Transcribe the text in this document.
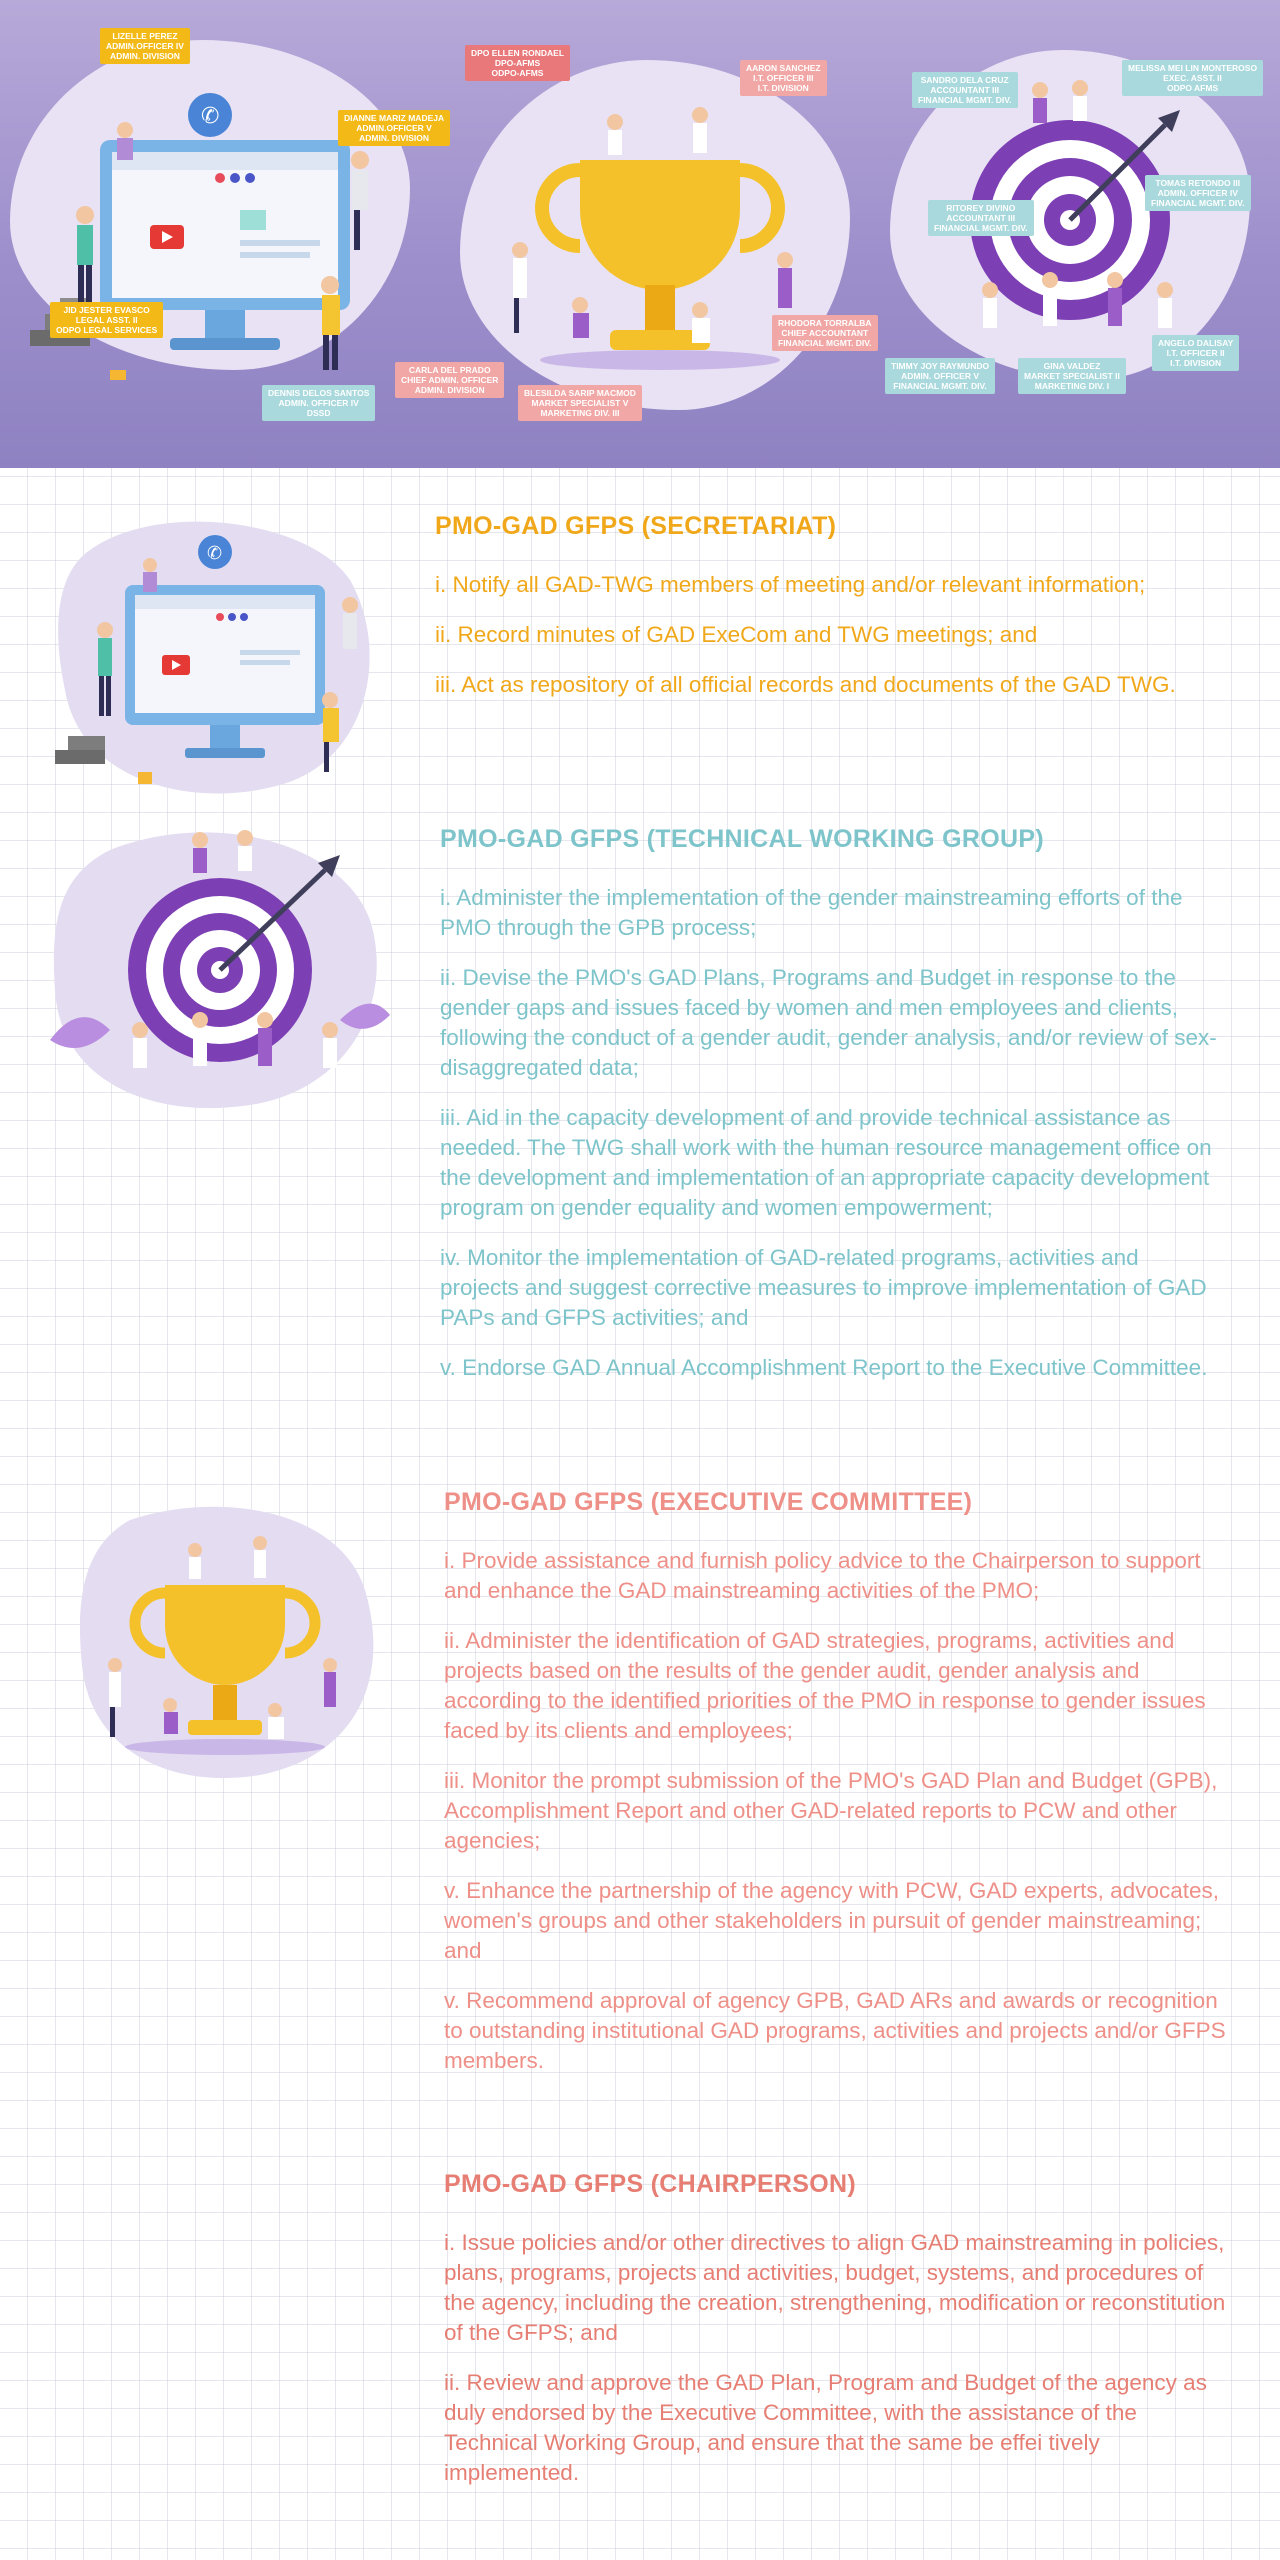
✆
LIZELLE PEREZ
ADMIN.OFFICER IV
ADMIN. DIVISION
DIANNE MARIZ MADEJA
ADMIN.OFFICER V
ADMIN. DIVISION
JID JESTER EVASCO
LEGAL ASST. II
ODPO LEGAL SERVICES
DENNIS DELOS SANTOS
ADMIN. OFFICER IV
DSSD
CARLA DEL PRADO
CHIEF ADMIN. OFFICER
ADMIN. DIVISION
DPO ELLEN RONDAEL
DPO-AFMS
ODPO-AFMS	AARON SANCHEZ
I.T. OFFICER III
I.T. DIVISION
BLESILDA SARIP MACMOD
MARKET SPECIALIST V
MARKETING DIV. III
RHODORA TORRALBA
CHIEF ACCOUNTANT
FINANCIAL MGMT. DIV.
SANDRO DELA CRUZ
ACCOUNTANT III
FINANCIAL MGMT. DIV.
MELISSA MEI LIN MONTEROSO
EXEC. ASST. II
ODPO AFMS
RITOREY DIVINO
ACCOUNTANT III
FINANCIAL MGMT. DIV.
TOMAS RETONDO III
ADMIN. OFFICER IV
FINANCIAL MGMT. DIV.
TIMMY JOY RAYMUNDO
ADMIN. OFFICER V
FINANCIAL MGMT. DIV.
GINA VALDEZ
MARKET SPECIALIST II
MARKETING DIV. I
ANGELO DALISAY
I.T. OFFICER II
I.T. DIVISION
✆
PMO-GAD GFPS (SECRETARIAT)

i. Notify all GAD-TWG members of meeting and/or relevant information;

ii. Record minutes of GAD ExeCom and TWG meetings; and

iii. Act as repository of all official records and documents of the GAD TWG.

PMO-GAD GFPS (TECHNICAL WORKING GROUP)

i. Administer the implementation of the gender mainstreaming efforts of the PMO through the GPB process;

ii. Devise the PMO's GAD Plans, Programs and Budget in response to the gender gaps and issues faced by women and men employees and clients, following the conduct of a gender audit, gender analysis, and/or review of sex-disaggregated data;

iii. Aid in the capacity development of and provide technical assistance as needed. The TWG shall work with the human resource management office on the development and implementation of an appropriate capacity development program on gender equality and women empowerment;

iv. Monitor the implementation of GAD-related programs, activities and projects and suggest corrective measures to improve implementation of GAD PAPs and GFPS activities; and

v. Endorse GAD Annual Accomplishment Report to the Executive Committee.

PMO-GAD GFPS (EXECUTIVE COMMITTEE)

i. Provide assistance and furnish policy advice to the Chairperson to support and enhance the GAD mainstreaming activities of the PMO;

ii. Administer the identification of GAD strategies, programs, activities and projects based on the results of the gender audit, gender analysis and according to the identified priorities of the PMO in response to gender issues faced by its clients and employees;

iii. Monitor the prompt submission of the PMO's GAD Plan and Budget (GPB), Accomplishment Report and other GAD-related reports to PCW and other agencies;

v. Enhance the partnership of the agency with PCW, GAD experts, advocates, women's groups and other stakeholders in pursuit of gender mainstreaming; and

v. Recommend approval of agency GPB, GAD ARs and awards or recognition to outstanding institutional GAD programs, activities and projects and/or GFPS members.

PMO-GAD GFPS (CHAIRPERSON)

i. Issue policies and/or other directives to align GAD mainstreaming in policies, plans, programs, projects and activities, budget, systems, and procedures of the agency, including the creation, strengthening, modification or reconstitution of the GFPS; and

ii. Review and approve the GAD Plan, Program and Budget of the agency as duly endorsed by the Executive Committee, with the assistance of the Technical Working Group, and ensure that the same be effei tively implemented.
